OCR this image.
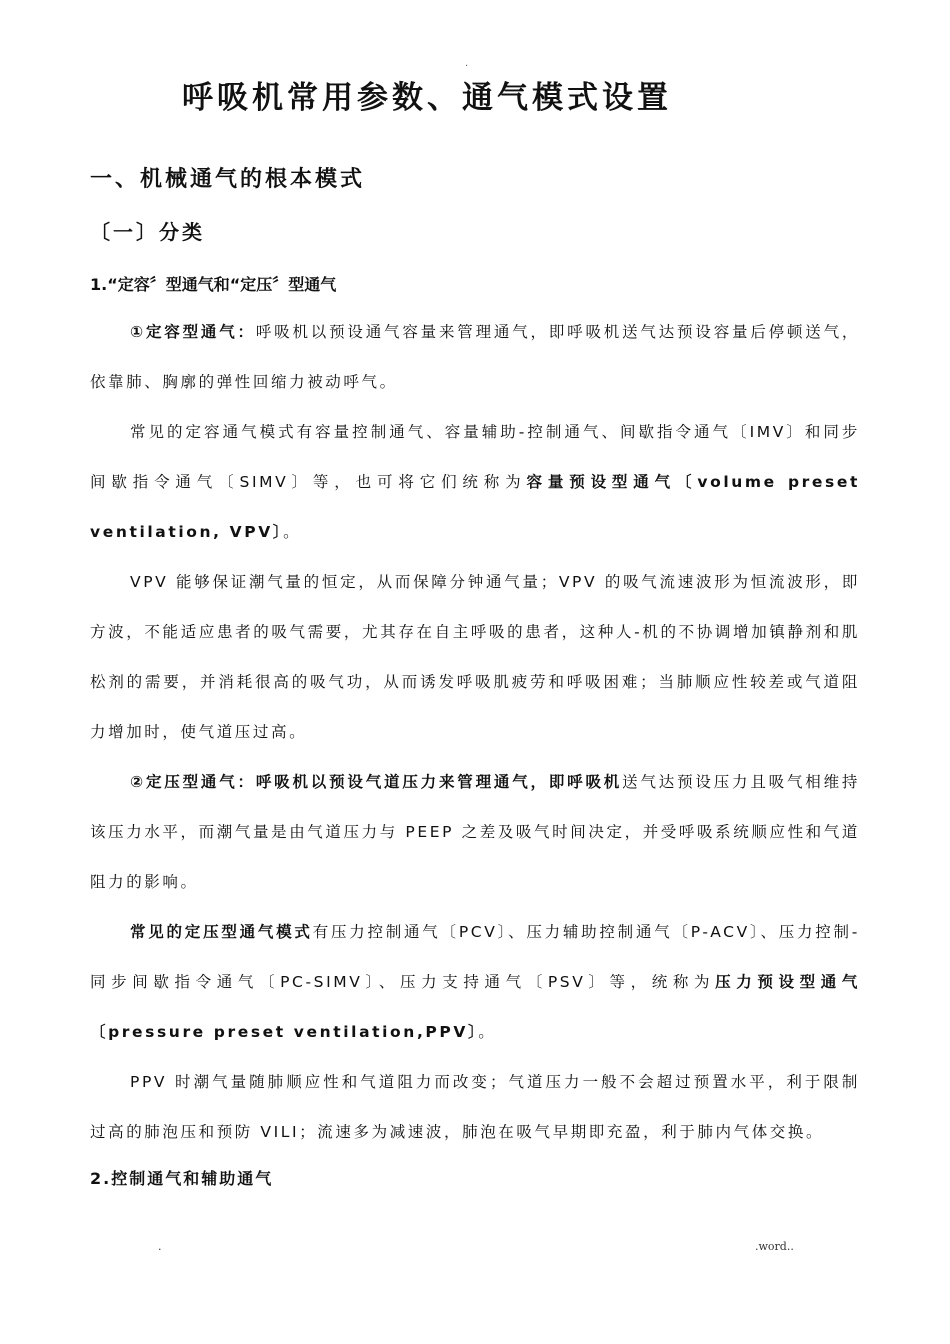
.
呼吸机常用参数、通气模式设置
一、机械通气的根本模式
〔一〕分类
1.“定容〞型通气和“定压〞型通气

①定容型通气：呼吸机以预设通气容量来管理通气，即呼吸机送气达预设容量后停顿送气，依靠肺、胸廓的弹性回缩力被动呼气。

常见的定容通气模式有容量控制通气、容量辅助-控制通气、间歇指令通气〔IMV〕和同步间歇指令通气〔SIMV〕等，也可将它们统称为容量预设型通气〔volume preset ventilation, VPV〕。

VPV 能够保证潮气量的恒定，从而保障分钟通气量；VPV 的吸气流速波形为恒流波形，即方波，不能适应患者的吸气需要，尤其存在自主呼吸的患者，这种人-机的不协调增加镇静剂和肌松剂的需要，并消耗很高的吸气功，从而诱发呼吸肌疲劳和呼吸困难；当肺顺应性较差或气道阻力增加时，使气道压过高。

②定压型通气：呼吸机以预设气道压力来管理通气，即呼吸机送气达预设压力且吸气相维持该压力水平，而潮气量是由气道压力与 PEEP 之差及吸气时间决定，并受呼吸系统顺应性和气道阻力的影响。

常见的定压型通气模式有压力控制通气〔PCV〕、压力辅助控制通气〔P-ACV〕、压力控制-同步间歇指令通气〔PC-SIMV〕、压力支持通气〔PSV〕等，统称为压力预设型通气〔pressure preset ventilation,PPV〕。

PPV 时潮气量随肺顺应性和气道阻力而改变；气道压力一般不会超过预置水平，利于限制过高的肺泡压和预防 VILI；流速多为减速波，肺泡在吸气早期即充盈，利于肺内气体交换。

2.控制通气和辅助通气
.	.word..
